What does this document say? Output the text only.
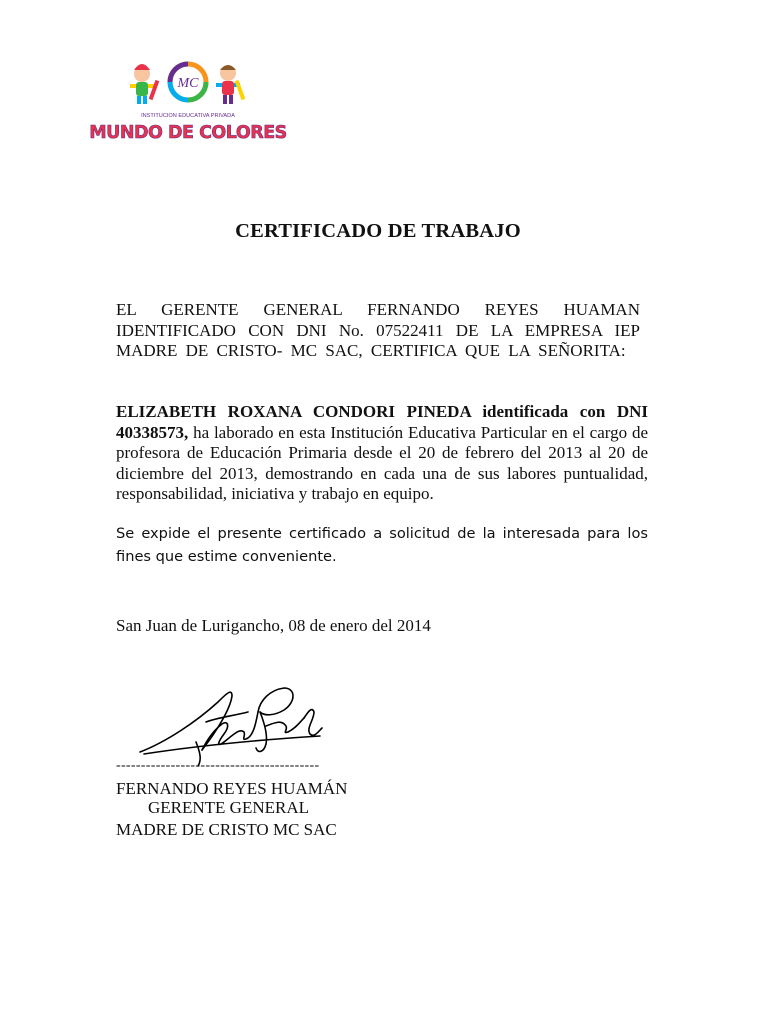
MC
INSTITUCION EDUCATIVA PRIVADA
MUNDO DE COLORES
CERTIFICADO DE TRABAJO
EL GERENTE GENERAL FERNANDO REYES HUAMAN IDENTIFICADO CON DNI No. 07522411 DE LA EMPRESA IEP MADRE DE CRISTO- MC SAC, CERTIFICA QUE LA SEÑORITA:
ELIZABETH ROXANA CONDORI PINEDA identificada con DNI 40338573, ha laborado en esta Institución Educativa Particular en el cargo de profesora de Educación Primaria desde el 20 de febrero del 2013 al 20 de diciembre del 2013, demostrando en cada una de sus labores puntualidad, responsabilidad, iniciativa y trabajo en equipo.
Se expide el presente certificado a solicitud de la interesada para los fines que estime conveniente.
San Juan de Lurigancho, 08 de enero del 2014
-----------------------------------------
FERNANDO REYES HUAMÁN
GERENTE GENERAL
MADRE DE CRISTO MC SAC
